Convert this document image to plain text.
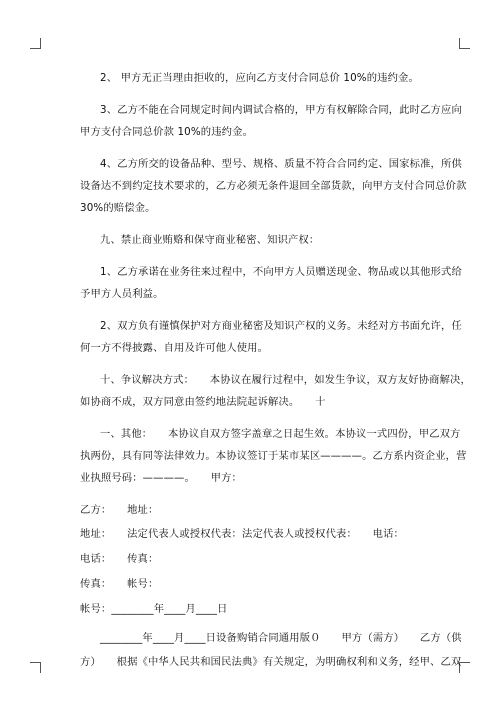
2、 甲方无正当理由拒收的，应向乙方支付合同总价 10%的违约金。
3、乙方不能在合同规定时间内调试合格的，甲方有权解除合同，此时乙方应向
甲方支付合同总价款 10%的违约金。
4、乙方所交的设备品种、型号、规格、质量不符合合同约定、国家标准，所供
设备达不到约定技术要求的，乙方必须无条件退回全部货款，向甲方支付合同总价款
30%的赔偿金。
九、禁止商业贿赂和保守商业秘密、知识产权：
1、乙方承诺在业务往来过程中，不向甲方人员赠送现金、物品或以其他形式给
予甲方人员利益。
2、双方负有谨慎保护对方商业秘密及知识产权的义务。未经对方书面允许，任
何一方不得披露、自用及许可他人使用。
十、争议解决方式：　　本协议在履行过程中，如发生争议，双方友好协商解决，
如协商不成，双方同意由签约地法院起诉解决。　　十
一、其他：　　本协议自双方签字盖章之日起生效。本协议一式四份，甲乙双方
执两份，具有同等法律效力。本协议签订于某市某区————。乙方系内资企业，营
业执照号码：————。　　甲方：
乙方：　　地址：
地址：　　法定代表人或授权代表：法定代表人或授权代表：　　电话：
电话：　　传真：
传真：　　帐号：
帐号：________年____月____日
________年____月____日设备购销合同通用版０　　甲方（需方）　　乙方（供
方）　　根据《中华人民共和国民法典》有关规定，为明确权利和义务，经甲、乙双
